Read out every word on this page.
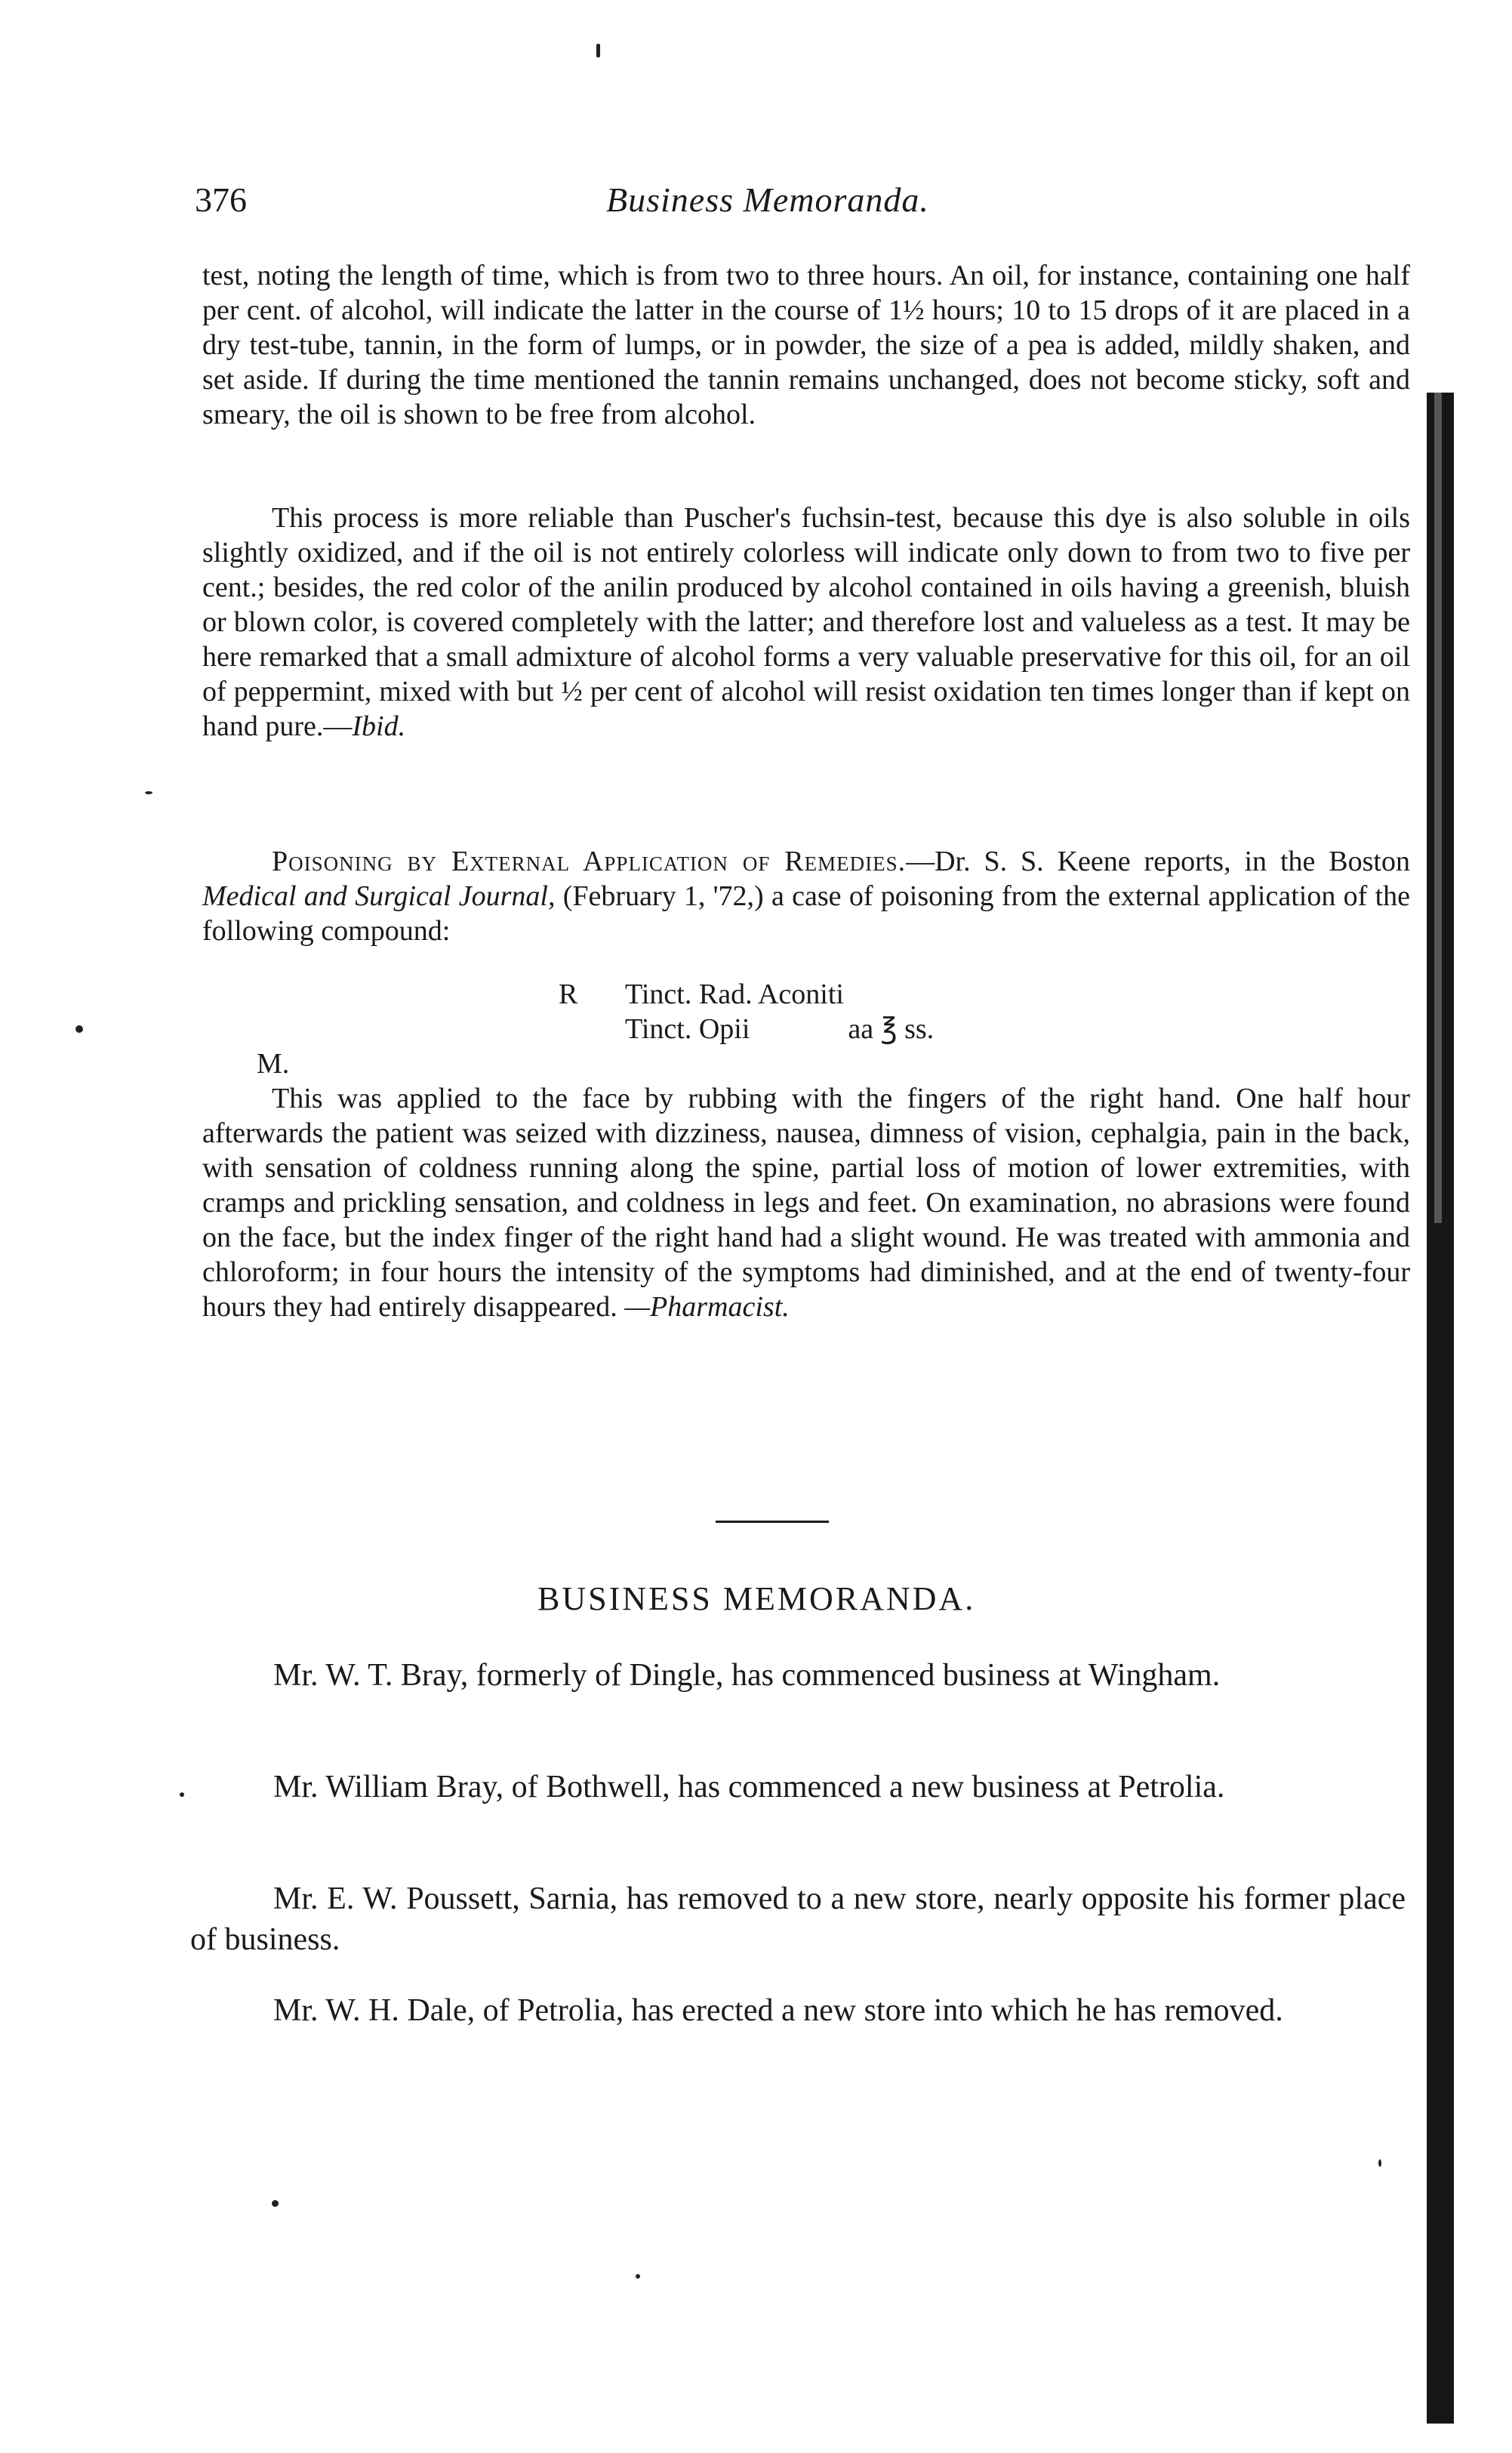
376	Business Memoranda.

test, noting the length of time, which is from two to three hours. An oil, for instance, containing one half per cent. of alcohol, will indicate the latter in the course of 1½ hours; 10 to 15 drops of it are placed in a dry test-tube, tannin, in the form of lumps, or in powder, the size of a pea is added, mildly shaken, and set aside. If during the time mentioned the tannin remains unchanged, does not become sticky, soft and smeary, the oil is shown to be free from alcohol.

This process is more reliable than Puscher's fuchsin-test, because this dye is also soluble in oils slightly oxidized, and if the oil is not entirely colorless will indicate only down to from two to five per cent.; besides, the red color of the anilin produced by alcohol contained in oils having a greenish, bluish or blown color, is covered completely with the latter; and therefore lost and valueless as a test. It may be here remarked that a small admixture of alcohol forms a very valuable preservative for this oil, for an oil of peppermint, mixed with but ½ per cent of alcohol will resist oxidation ten times longer than if kept on hand pure.—Ibid.

Poisoning by External Application of Remedies.—Dr. S. S. Keene reports, in the Boston Medical and Surgical Journal, (February 1, '72,) a case of poisoning from the external application of the following compound:

R Tinct. Rad. Aconiti
Tinct. Opii	aa ℥ ss.
M.

This was applied to the face by rubbing with the fingers of the right hand. One half hour afterwards the patient was seized with dizziness, nausea, dimness of vision, cephalgia, pain in the back, with sensation of coldness running along the spine, partial loss of motion of lower extremities, with cramps and prickling sensation, and coldness in legs and feet. On examination, no abrasions were found on the face, but the index finger of the right hand had a slight wound. He was treated with ammonia and chloroform; in four hours the intensity of the symptoms had diminished, and at the end of twenty-four hours they had entirely disappeared. —Pharmacist.

BUSINESS MEMORANDA.

Mr. W. T. Bray, formerly of Dingle, has commenced business at Wingham.

Mr. William Bray, of Bothwell, has commenced a new business at Petrolia.

Mr. E. W. Poussett, Sarnia, has removed to a new store, nearly opposite his former place of business.

Mr. W. H. Dale, of Petrolia, has erected a new store into which he has removed.
